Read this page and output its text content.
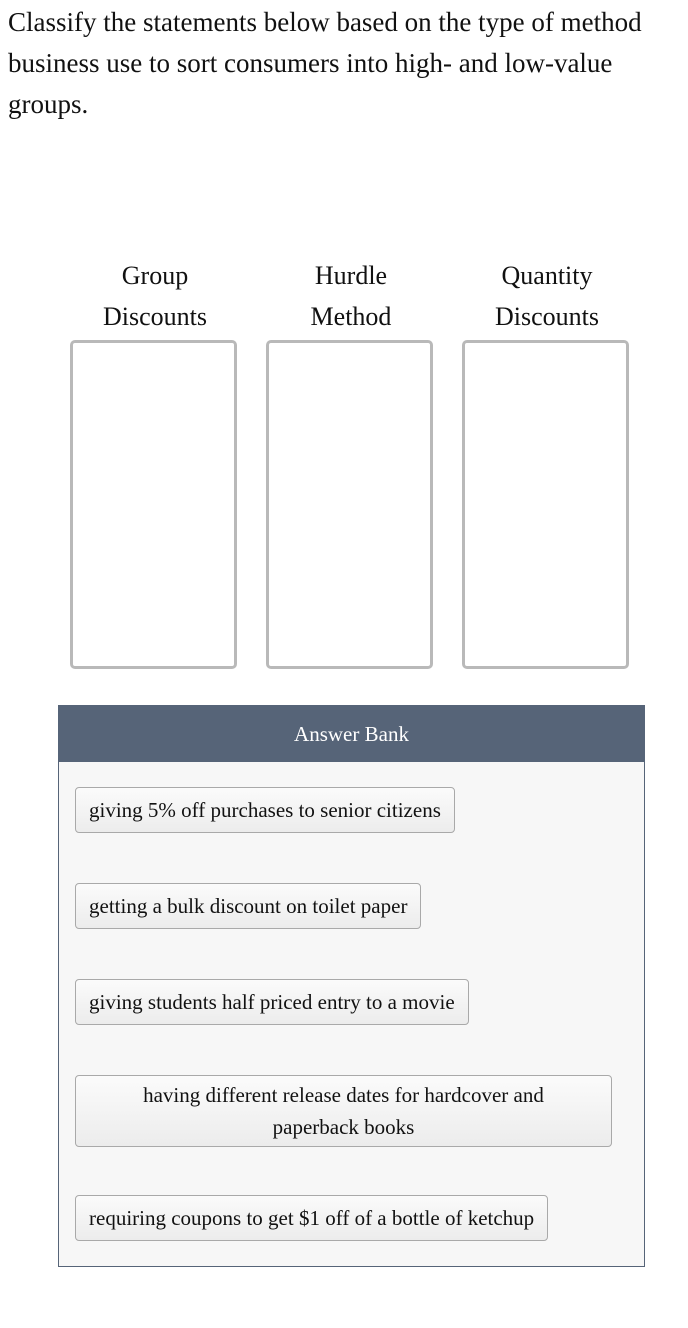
Classify the statements below based on the type of method business use to sort consumers into high- and low-value groups.

Group
Discounts
Hurdle
Method
Quantity
Discounts
Answer Bank
giving 5% off purchases to senior citizens
getting a bulk discount on toilet paper
giving students half priced entry to a movie
having different release dates for hardcover and paperback books
requiring coupons to get $1 off of a bottle of ketchup
